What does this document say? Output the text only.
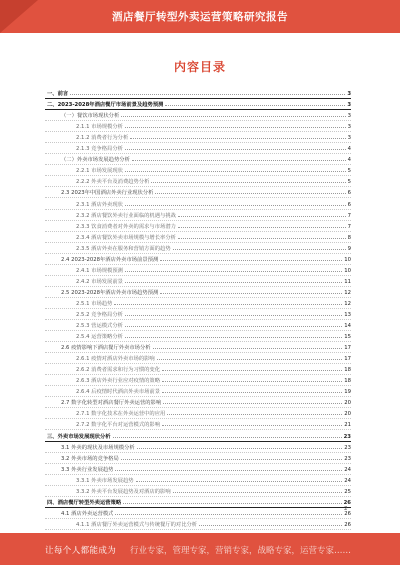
酒店餐厅转型外卖运营策略研究报告
内容目录
一、前言	3
二、2023-2028年酒店餐厅市场前景及趋势预测	3
（一）餐饮市场现状分析	3
2.1.1 市场规模分析	3
2.1.2 消费者行为分析	3
2.1.3 竞争格局分析	4
（二）外卖市场发展趋势分析	4
2.2.1 市场发展现状	5
2.2.2 外卖平台及消费趋势分析	5
2.3 2023年中国酒店外卖行业现状分析	6
2.3.1 酒店外卖现状	6
2.3.2 酒店餐饮外卖行业面临的机遇与挑战	7
2.3.3 饮食消费者对外卖的需求与市场潜力	7
2.3.4 酒店餐饮外卖市场规模与增长率分析	8
2.3.5 酒店外卖在服务和营销方面的趋势	9
2.4 2023-2028年酒店外卖市场前景预测	10
2.4.1 市场规模预测	10
2.4.2 市场发展前景	11
2.5 2023-2028年酒店外卖市场趋势预测	12
2.5.1 市场趋势	12
2.5.2 竞争格局分析	13
2.5.3 营运模式分析	14
2.5.4 运营策略分析	15
2.6 疫情影响下酒店餐厅外卖市场分析	17
2.6.1 疫情对酒店外卖市场的影响	17
2.6.2 消费者需求和行为习惯的变化	18
2.6.3 酒店外卖行业应对疫情的策略	18
2.6.4 后疫情时代酒店外卖市场前景	19
2.7 数字化转型对酒店餐厅外卖运营的影响	20
2.7.1 数字化技术在外卖运营中的应用	20
2.7.2 数字化平台对运营模式的影响	21
三、外卖市场发展现状分析	23
3.1 外卖的现状及市场规模分析	23
3.2 外卖市场的竞争格局	23
3.3 外卖行业发展趋势	24
3.3.1 外卖市场发展趋势	24
3.3.2 外卖平台发展趋势及对酒店的影响	25
四、酒店餐厅转型外卖运营策略	26
4.1 酒店外卖运营模式	26
4.1.1 酒店餐厅外卖运营模式与传统餐厅的对比分析	26
2
让每个人都能成为 行业专家，管理专家，营销专家，战略专家，运营专家……
